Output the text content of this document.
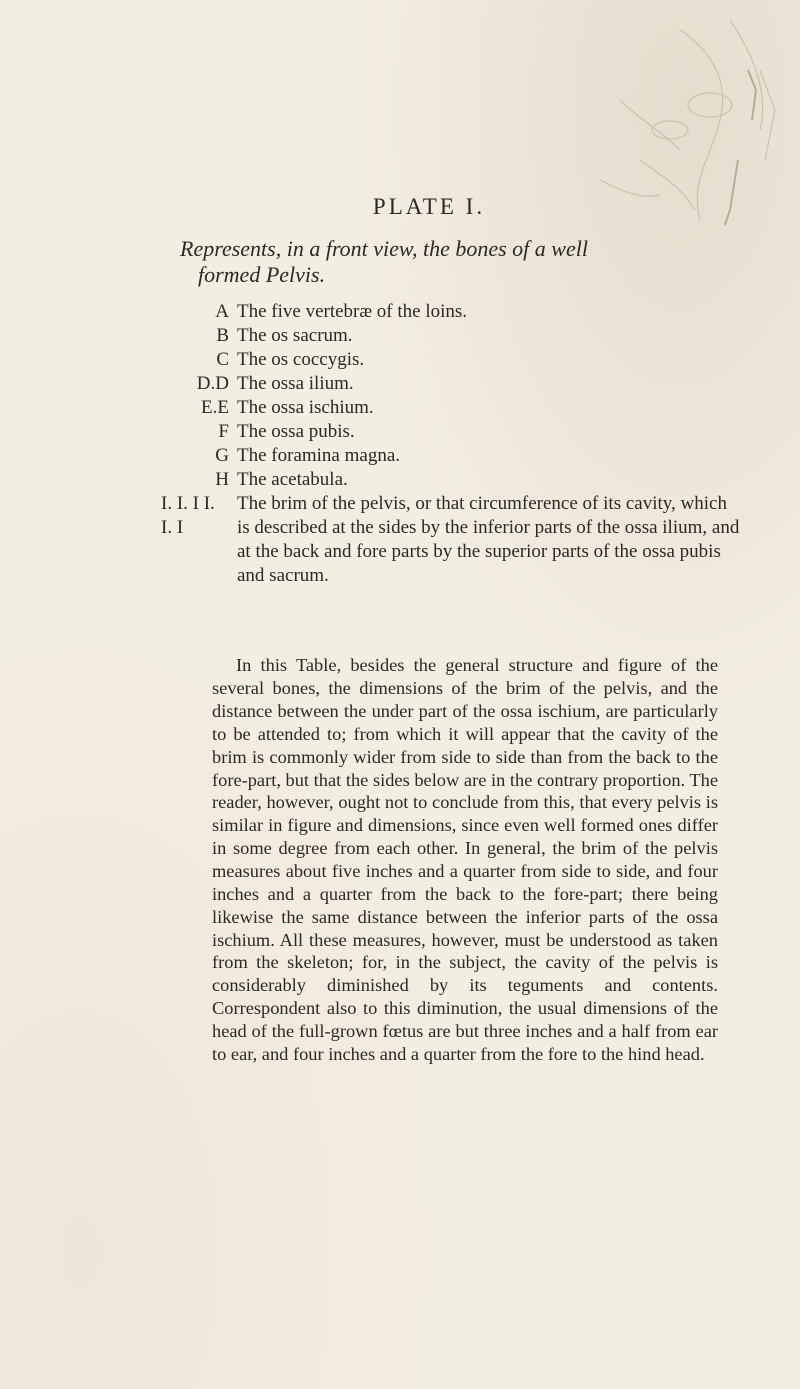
PLATE I.
Represents, in a front view, the bones of a well
formed Pelvis.
A The five vertebræ of the loins.
B The os sacrum.
C The os coccygis.
D.D The ossa ilium.
E.E The ossa ischium.
F The ossa pubis.
G The foramina magna.
H The acetabula.
I. I. I I. I. I
The brim of the pelvis, or that circumference of its cavity, which is described at the sides by the inferior parts of the ossa ilium, and at the back and fore parts by the superior parts of the ossa pubis and sacrum.

In this Table, besides the general structure and figure of the several bones, the dimensions of the brim of the pelvis, and the distance between the under part of the ossa ischium, are particularly to be attended to; from which it will appear that the cavity of the brim is commonly wider from side to side than from the back to the fore-part, but that the sides below are in the contrary proportion. The reader, however, ought not to conclude from this, that every pelvis is similar in figure and dimensions, since even well formed ones differ in some degree from each other. In general, the brim of the pelvis measures about five inches and a quarter from side to side, and four inches and a quarter from the back to the fore-part; there being likewise the same distance between the inferior parts of the ossa ischium. All these measures, however, must be understood as taken from the skeleton; for, in the subject, the cavity of the pelvis is considerably diminished by its teguments and contents. Correspondent also to this diminution, the usual dimensions of the head of the full-grown fœtus are but three inches and a half from ear to ear, and four inches and a quarter from the fore to the hind head.
